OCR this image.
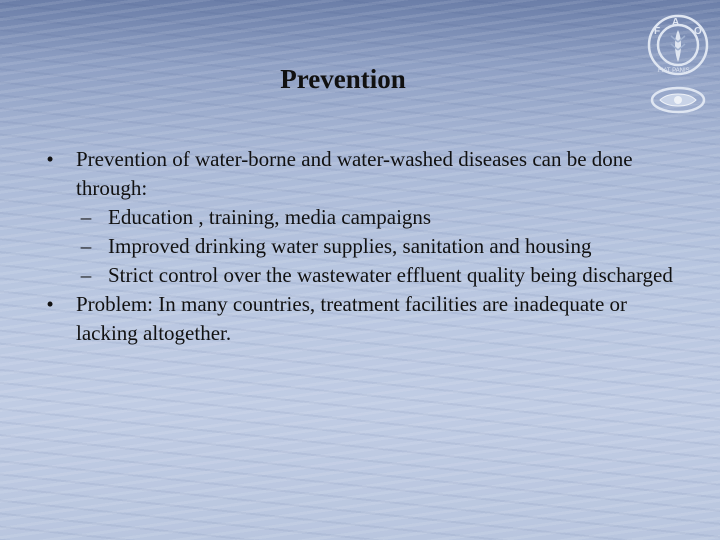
F	O
A
FIAT PANIS
Prevention
•	Prevention of water-borne and water-washed diseases can be done through:
– Education , training, media campaigns
– Improved drinking water supplies, sanitation and housing
– Strict control over the wastewater effluent quality being discharged
•	Problem: In many countries, treatment facilities are inadequate or lacking altogether.
